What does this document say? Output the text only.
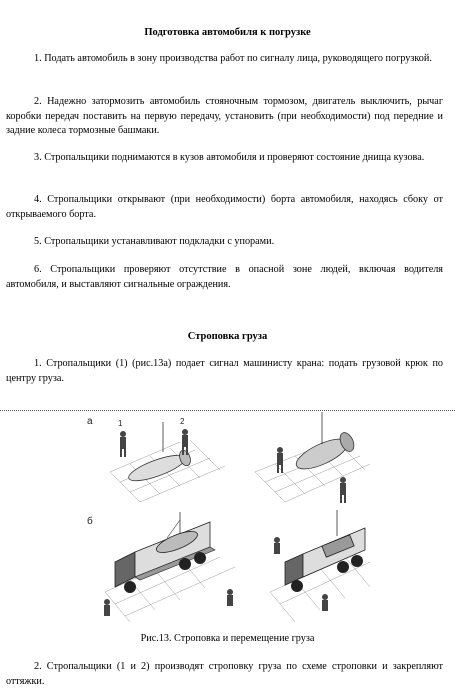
Подготовка автомобиля к погрузке
1. Подать автомобиль в зону производства работ по сигналу лица, руководящего погрузкой.
2. Надежно затормозить автомобиль стояночным тормозом, двигатель выключить, рычаг коробки передач поставить на первую передачу, установить (при необходимости) под передние и задние колеса тормозные башмаки.
3. Стропальщики поднимаются в кузов автомобиля и проверяют состояние днища кузова.
4. Стропальщики открывают (при необходимости) борта автомобиля, находясь сбоку от открываемого борта.
5. Стропальщики устанавливают подкладки с упорами.
6. Стропальщики проверяют отсутствие в опасной зоне людей, включая водителя автомобиля, и выставляют сигнальные ограждения.
Строповка груза
1. Стропальщики (1) (рис.13а) подает сигнал машинисту крана: подать грузовой крюк по центру груза.
а	1	2
б
Рис.13. Строповка и перемещение груза
2. Стропальщики (1 и 2) производят строповку груза по схеме строповки и закрепляют оттяжки.
